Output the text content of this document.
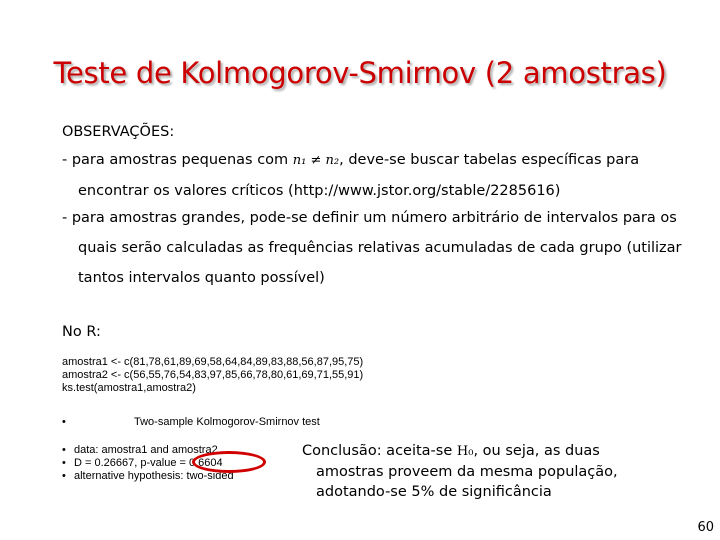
Teste de Kolmogorov-Smirnov (2 amostras)
OBSERVAÇÕES:
- para amostras pequenas com n₁ ≠ n₂, deve-se buscar tabelas específicas para
encontrar os valores críticos (http://www.jstor.org/stable/2285616)
- para amostras grandes, pode-se definir um número arbitrário de intervalos para os
quais serão calculadas as frequências relativas acumuladas de cada grupo (utilizar
tantos intervalos quanto possível)
No R:
amostra1 <- c(81,78,61,89,69,58,64,84,89,83,88,56,87,95,75)
amostra2 <- c(56,55,76,54,83,97,85,66,78,80,61,69,71,55,91)
ks.test(amostra1,amostra2)
•	Two-sample Kolmogorov-Smirnov test
• data: amostra1 and amostra2
• D = 0.26667, p-value = 0.6604
• alternative hypothesis: two-sided
Conclusão: aceita-se H₀, ou seja, as duas
amostras proveem da mesma população,
adotando-se 5% de significância
60
